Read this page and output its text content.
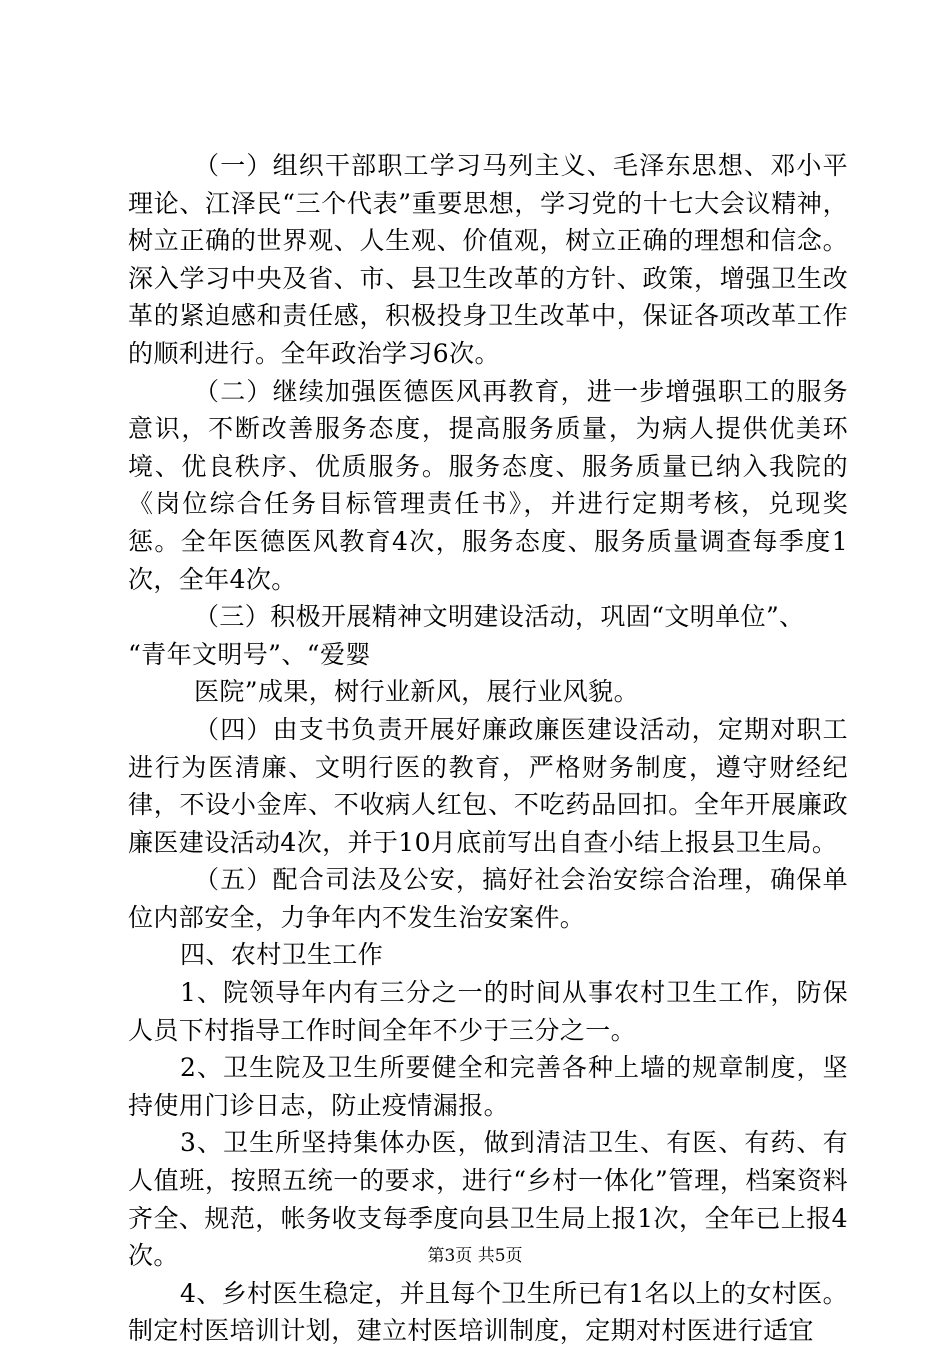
（一）组织干部职工学习马列主义、毛泽东思想、邓小平理论、江泽民“三个代表”重要思想，学习党的十七大会议精神，树立正确的世界观、人生观、价值观，树立正确的理想和信念。深入学习中央及省、市、县卫生改革的方针、政策，增强卫生改革的紧迫感和责任感，积极投身卫生改革中，保证各项改革工作的顺利进行。全年政治学习6次。

（二）继续加强医德医风再教育，进一步增强职工的服务意识，不断改善服务态度，提高服务质量，为病人提供优美环境、优良秩序、优质服务。服务态度、服务质量已纳入我院的《岗位综合任务目标管理责任书》，并进行定期考核，兑现奖惩。全年医德医风教育4次，服务态度、服务质量调查每季度1次，全年4次。

（三）积极开展精神文明建设活动，巩固“文明单位”、

“青年文明号”、“爱婴

医院”成果，树行业新风，展行业风貌。

（四）由支书负责开展好廉政廉医建设活动，定期对职工进行为医清廉、文明行医的教育，严格财务制度，遵守财经纪律，不设小金库、不收病人红包、不吃药品回扣。全年开展廉政廉医建设活动4次，并于10月底前写出自查小结上报县卫生局。

（五）配合司法及公安，搞好社会治安综合治理，确保单位内部安全，力争年内不发生治安案件。

四、农村卫生工作

1、院领导年内有三分之一的时间从事农村卫生工作，防保人员下村指导工作时间全年不少于三分之一。

2、卫生院及卫生所要健全和完善各种上墙的规章制度，坚持使用门诊日志，防止疫情漏报。

3、卫生所坚持集体办医，做到清洁卫生、有医、有药、有人值班，按照五统一的要求，进行“乡村一体化”管理，档案资料齐全、规范，帐务收支每季度向县卫生局上报1次，全年已上报4次。

4、乡村医生稳定，并且每个卫生所已有1名以上的女村医。制定村医培训计划，建立村医培训制度，定期对村医进行适宜

第3页 共5页
